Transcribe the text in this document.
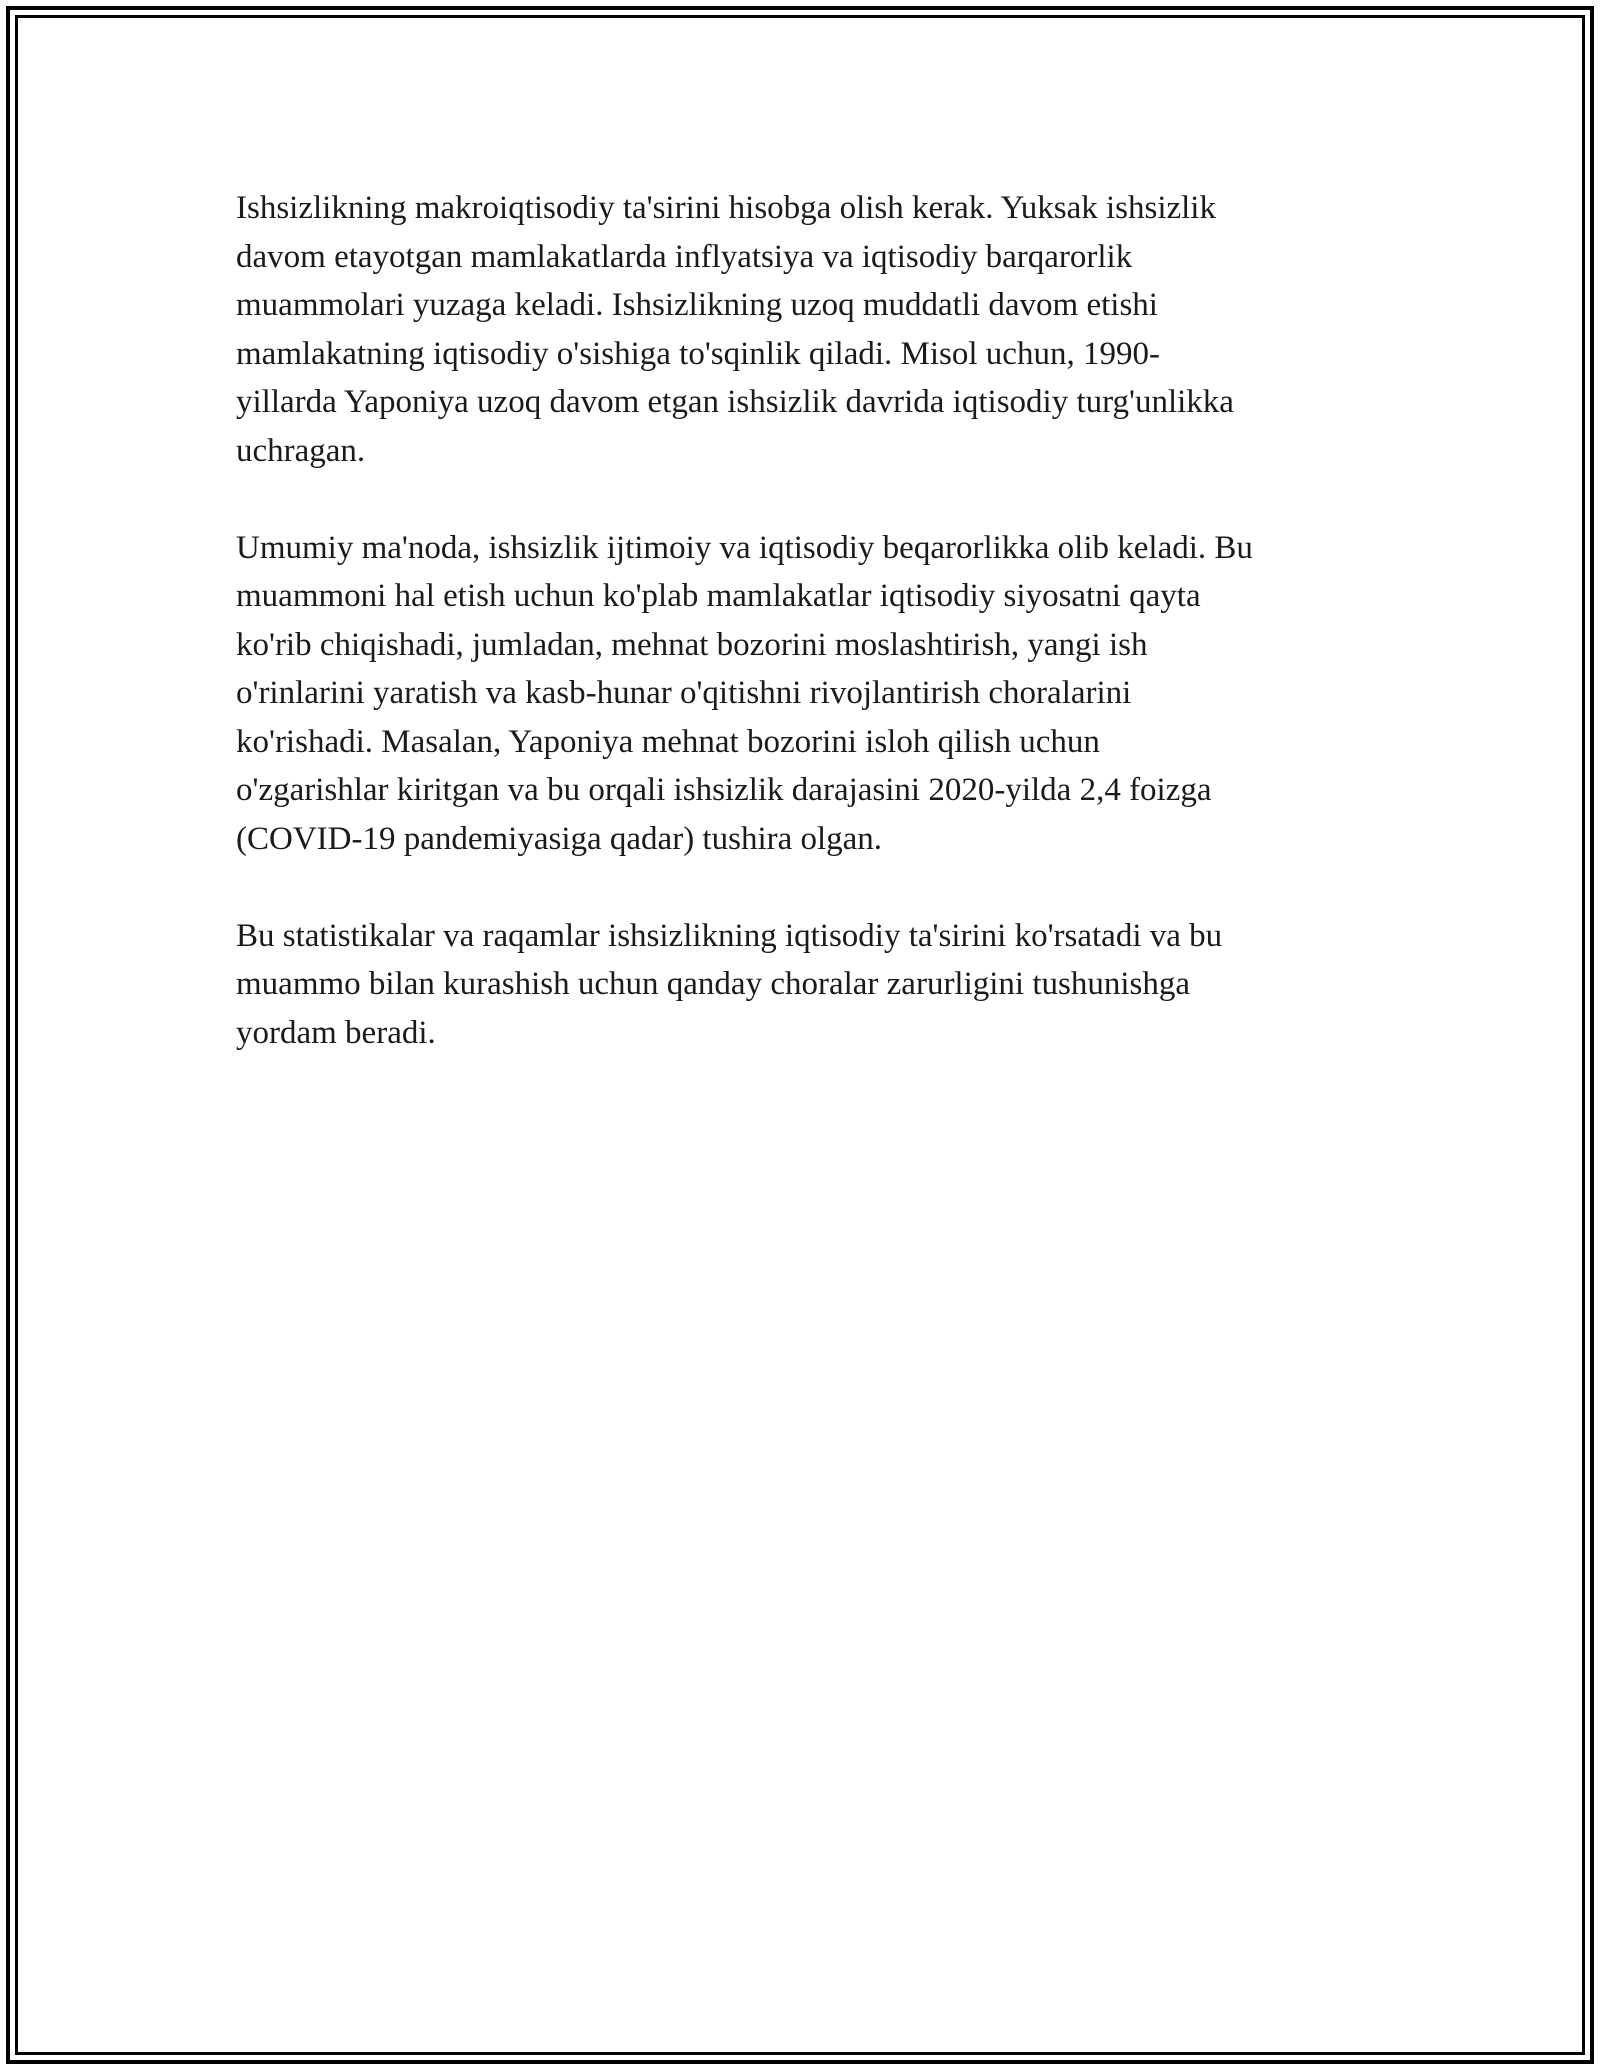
Ishsizlikning makroiqtisodiy ta'sirini hisobga olish kerak. Yuksak ishsizlik
davom etayotgan mamlakatlarda inflyatsiya va iqtisodiy barqarorlik
muammolari yuzaga keladi. Ishsizlikning uzoq muddatli davom etishi
mamlakatning iqtisodiy o'sishiga to'sqinlik qiladi. Misol uchun, 1990-
yillarda Yaponiya uzoq davom etgan ishsizlik davrida iqtisodiy turg'unlikka
uchragan.

Umumiy ma'noda, ishsizlik ijtimoiy va iqtisodiy beqarorlikka olib keladi. Bu
muammoni hal etish uchun ko'plab mamlakatlar iqtisodiy siyosatni qayta
ko'rib chiqishadi, jumladan, mehnat bozorini moslashtirish, yangi ish
o'rinlarini yaratish va kasb-hunar o'qitishni rivojlantirish choralarini
ko'rishadi. Masalan, Yaponiya mehnat bozorini isloh qilish uchun
o'zgarishlar kiritgan va bu orqali ishsizlik darajasini 2020-yilda 2,4 foizga
(COVID-19 pandemiyasiga qadar) tushira olgan.

Bu statistikalar va raqamlar ishsizlikning iqtisodiy ta'sirini ko'rsatadi va bu
muammo bilan kurashish uchun qanday choralar zarurligini tushunishga
yordam beradi.
